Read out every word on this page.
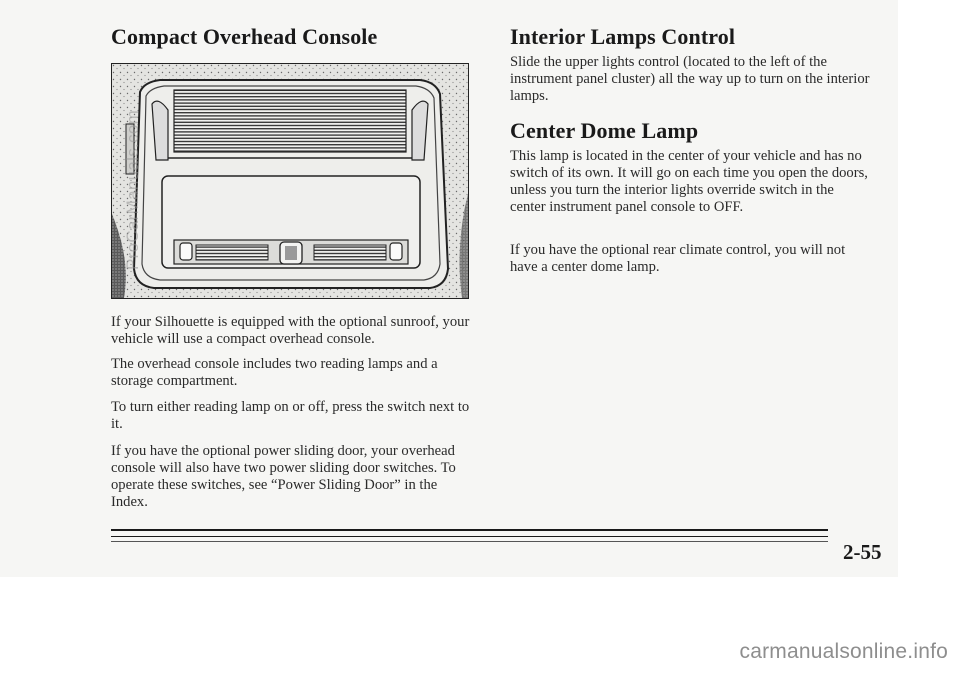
Compact Overhead Console

If your Silhouette is equipped with the optional sunroof, your vehicle will use a compact overhead console.

The overhead console includes two reading lamps and a storage compartment.

To turn either reading lamp on or off, press the switch next to it.

If you have the optional power sliding door, your overhead console will also have two power sliding door switches. To operate these switches, see “Power Sliding Door” in the Index.

Interior Lamps Control

Slide the upper lights control (located to the left of the instrument panel cluster) all the way up to turn on the interior lamps.

Center Dome Lamp

This lamp is located in the center of your vehicle and has no switch of its own. It will go on each time you open the doors, unless you turn the interior lights override switch in the center instrument panel console to OFF.

If you have the optional rear climate control, you will not have a center dome lamp.

2-55
ProCarManuals.com
carmanualsonline.info
